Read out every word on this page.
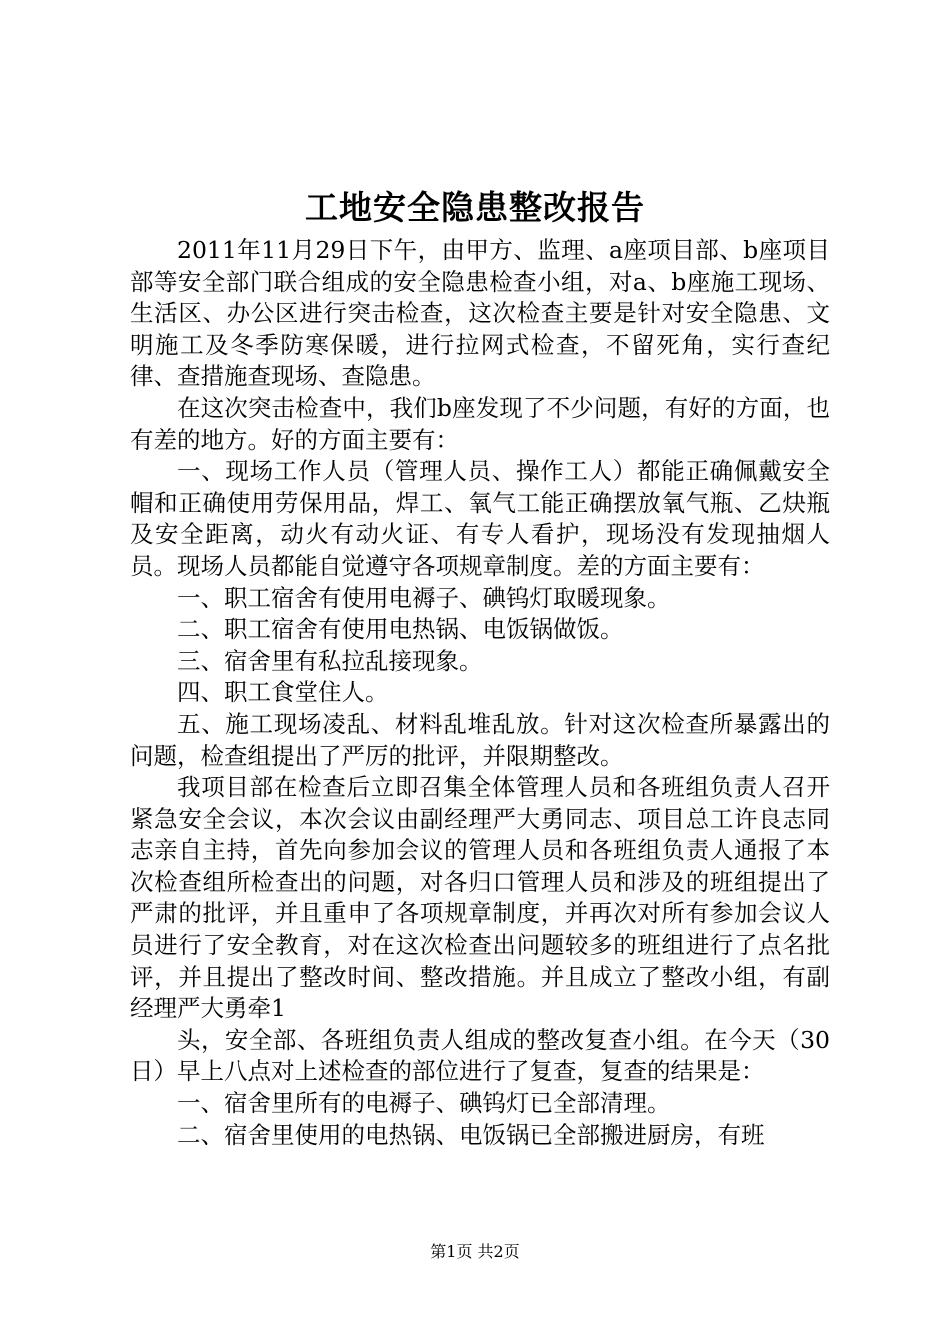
工地安全隐患整改报告

2011年11月29日下午，由甲方、监理、a座项目部、b座项目部等安全部门联合组成的安全隐患检查小组，对a、b座施工现场、生活区、办公区进行突击检查，这次检查主要是针对安全隐患、文明施工及冬季防寒保暖，进行拉网式检查，不留死角，实行查纪律、查措施查现场、查隐患。

在这次突击检查中，我们b座发现了不少问题，有好的方面，也有差的地方。好的方面主要有：

一、现场工作人员（管理人员、操作工人）都能正确佩戴安全帽和正确使用劳保用品，焊工、氧气工能正确摆放氧气瓶、乙炔瓶及安全距离，动火有动火证、有专人看护，现场没有发现抽烟人员。现场人员都能自觉遵守各项规章制度。差的方面主要有：

一、职工宿舍有使用电褥子、碘钨灯取暖现象。

二、职工宿舍有使用电热锅、电饭锅做饭。

三、宿舍里有私拉乱接现象。

四、职工食堂住人。

五、施工现场凌乱、材料乱堆乱放。针对这次检查所暴露出的问题，检查组提出了严厉的批评，并限期整改。

我项目部在检查后立即召集全体管理人员和各班组负责人召开紧急安全会议，本次会议由副经理严大勇同志、项目总工许良志同志亲自主持，首先向参加会议的管理人员和各班组负责人通报了本次检查组所检查出的问题，对各归口管理人员和涉及的班组提出了严肃的批评，并且重申了各项规章制度，并再次对所有参加会议人员进行了安全教育，对在这次检查出问题较多的班组进行了点名批评，并且提出了整改时间、整改措施。并且成立了整改小组，有副经理严大勇牵1

头，安全部、各班组负责人组成的整改复查小组。在今天（30日）早上八点对上述检查的部位进行了复查，复查的结果是：

一、宿舍里所有的电褥子、碘钨灯已全部清理。

二、宿舍里使用的电热锅、电饭锅已全部搬进厨房，有班

第1页 共2页
